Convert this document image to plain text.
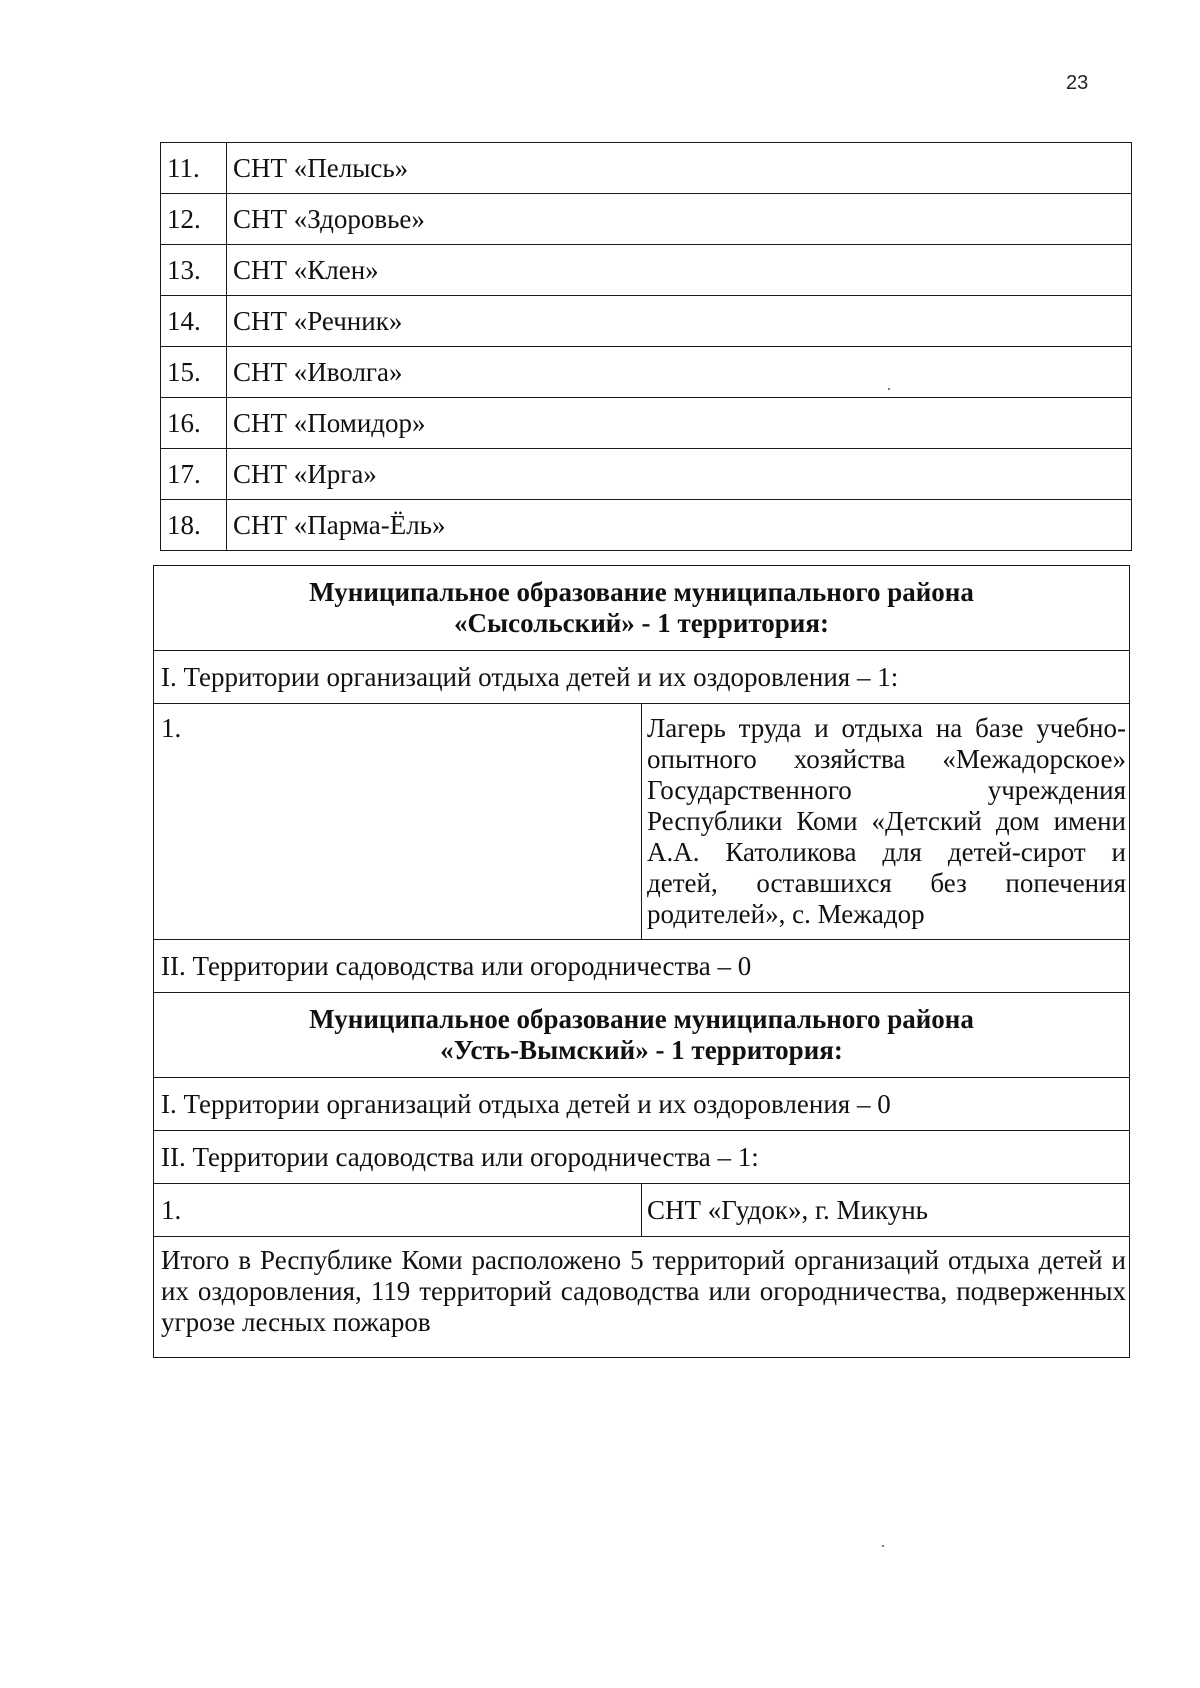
23
11.	СНТ «Пелысь»
12.	СНТ «Здоровье»
13.	СНТ «Клен»
14.	СНТ «Речник»
15.	СНТ «Иволга»
16.	СНТ «Помидор»
17.	СНТ «Ирга»
18.	СНТ «Парма-Ёль»
Муниципальное образование муниципального района
«Сысольский» - 1 территория:	

I. Территории организаций отдыха детей и их оздоровления – 1:	
1.	Лагерь труда и отдыха на базе учебно-опытного хозяйства «Межадорское» Государственного учреждения Республики Коми «Детский дом имени А.А. Католикова для детей-сирот и детей, оставшихся без попечения родителей», с. Межадор
II. Территории садоводства или огородничества – 0	

Муниципальное образование муниципального района
«Усть-Вымский» - 1 территория:	

I. Территории организаций отдыха детей и их оздоровления – 0	
II. Территории садоводства или огородничества – 1:	
1.	СНТ «Гудок», г. Микунь
Итого в Республике Коми расположено 5 территорий организаций отдыха детей и их оздоровления, 119 территорий садоводства или огородничества, подверженных угрозе лесных пожаров	
